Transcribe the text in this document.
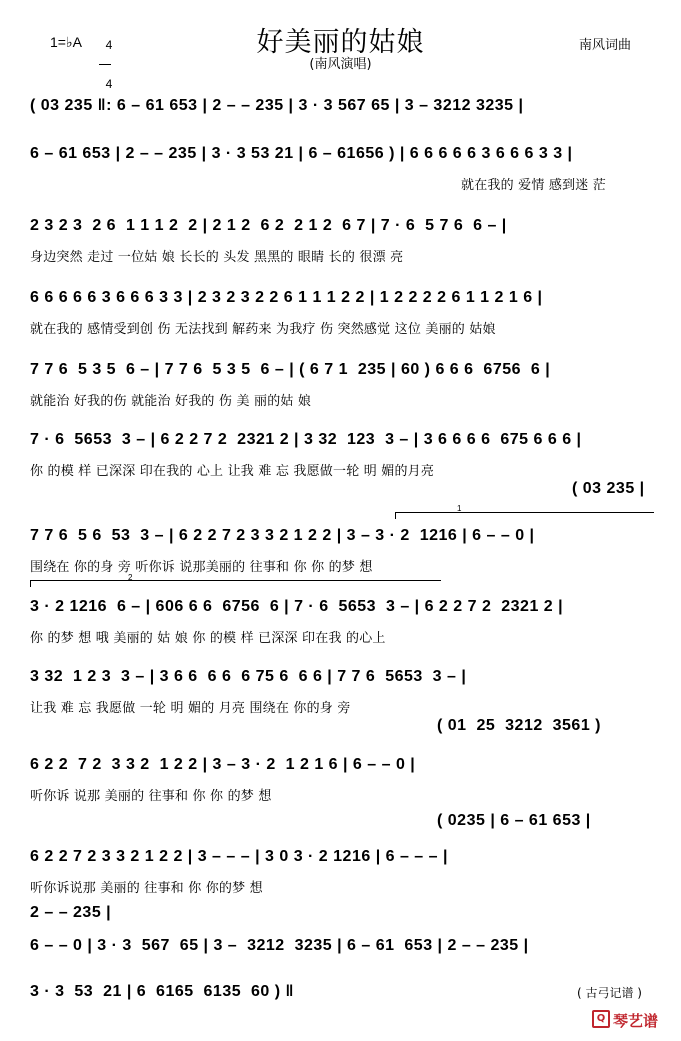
好美丽的姑娘
(南风演唱)
1=♭A	4

4

南风词曲
( 03 235 ‖: 6 – 61 653 | 2 – – 235 | 3 · 3 567 65 | 3 – 3212 3235 |
6 – 61 653 | 2 – – 235 | 3 · 3 53 21 | 6 – 61656 ) | 6 6 6 6 6 3 6 6 6 3 3 |
就在我的 爱情 感到迷 茫
2 3 2 3  2 6  1 1 1 2  2 | 2 1 2  6 2  2 1 2  6 7 | 7 · 6  5 7 6  6 – |
身边突然 走过 一位姑 娘 长长的 头发 黑黑的 眼睛 长的 很漂 亮
6 6 6 6 6 3 6 6 6 3 3 | 2 3 2 3 2 2 6 1 1 1 2 2 | 1 2 2 2 2 6 1 1 2 1 6 |
就在我的 感情受到创 伤 无法找到 解药来 为我疗 伤 突然感觉 这位 美丽的 姑娘
7 7 6  5 3 5  6 – | 7 7 6  5 3 5  6 – | ( 6 7 1  235 | 60 ) 6 6 6  6756  6 |
就能治 好我的伤 就能治 好我的 伤 美 丽的姑 娘
7 · 6  5653  3 – | 6 2 2 7 2  2321 2 | 3 32  123  3 – | 3 6 6 6 6  675 6 6 6 |
你 的模 样 已深深 印在我的 心上 让我 难 忘 我愿做一轮 明 媚的月亮
( 03 235 |
1
7 7 6  5 6  53  3 – | 6 2 2 7 2 3 3 2 1 2 2 | 3 – 3 · 2  1216 | 6 – – 0 |
围绕在 你的身 旁 听你诉 说那美丽的 往事和 你 你 的梦 想
2
3 · 2 1216  6 – | 606 6 6  6756  6 | 7 · 6  5653  3 – | 6 2 2 7 2  2321 2 |
你 的梦 想 哦 美丽的 姑 娘 你 的模 样 已深深 印在我 的心上
3 32  1 2 3  3 – | 3 6 6  6 6  6 75 6  6 6 | 7 7 6  5653  3 – |
让我 难 忘 我愿做 一轮 明 媚的 月亮 围绕在 你的身 旁
( 01  25  3212  3561 )
6 2 2  7 2  3 3 2  1 2 2 | 3 – 3 · 2  1 2 1 6 | 6 – – 0 |
听你诉 说那 美丽的 往事和 你 你 的梦 想
( 0235 | 6 – 61 653 |
6 2 2 7 2 3 3 2 1 2 2 | 3 – – – | 3 0 3 · 2 1216 | 6 – – – |
听你诉说那 美丽的 往事和 你 你的梦 想
2 – – 235 |
6 – – 0 | 3 · 3  567  65 | 3 –  3212  3235 | 6 – 61  653 | 2 – – 235 |
3 · 3  53  21 | 6  6165  6135  60 ) ‖	( 古弓记谱 )
Q 琴艺谱
